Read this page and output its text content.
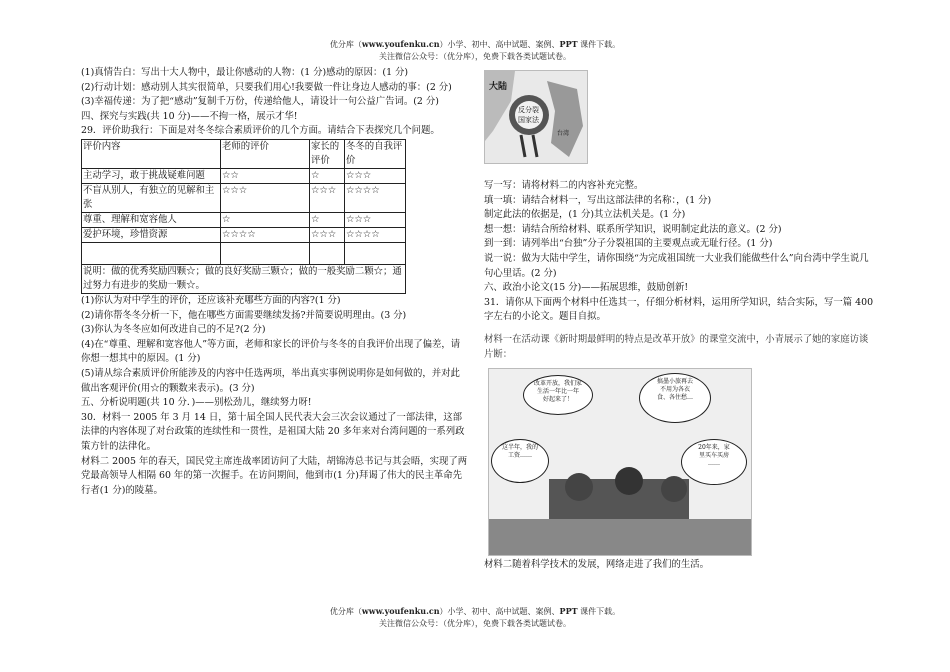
优分库（www.youfenku.cn）小学、初中、高中试题、案例、PPT 课件下载。
关注微信公众号：（优分库），免费下载各类试题试卷。

(1)真情告白：写出十大人物中，最让你感动的人物：(1 分)感动的原因：(1 分)

(2)行动计划：感动别人其实很简单，只要我们用心!我要做一件让身边人感动的事：(2 分)

(3)幸福传递：为了把“感动”复制千万份，传递给他人，请设计一句公益广告词。(2 分)

四、探究与实践(共 10 分)——不拘一格，展示才华!

29．评价助我行：下面是对冬冬综合素质评价的几个方面。请结合下表探究几个问题。

评价内容	老师的评价	家长的评价	冬冬的自我评价
主动学习，敢于挑战疑难问题	☆☆	☆	☆☆☆
不盲从别人，有独立的见解和主张	☆☆☆	☆☆☆	☆☆☆☆
尊重、理解和宽容他人	☆	☆	☆☆☆
爱护环境，珍惜资源	☆☆☆☆	☆☆☆	☆☆☆☆

说明：做的优秀奖励四颗☆；做的良好奖励三颗☆；做的一般奖励二颗☆；通过努力有进步的奖励一颗☆。			

(1)你认为对中学生的评价，还应该补充哪些方面的内容?(1 分)

(2)请你帮冬冬分析一下，他在哪些方面需要继续发扬?并简要说明理由。(3 分)

(3)你认为冬冬应如何改进自己的不足?(2 分)

(4)在“尊重、理解和宽容他人”等方面，老师和家长的评价与冬冬的自我评价出现了偏差，请你想一想其中的原因。(1 分)

(5)请从综合素质评价所能涉及的内容中任选两项，举出真实事例说明你是如何做的，并对此做出客观评价(用☆的颗数来表示)。(3 分)

五、分析说明题(共 10 分．)——别松劲儿，继续努力呀!

30．材料一 2005 年 3 月 14 日，第十届全国人民代表大会三次会议通过了一部法律，这部法律的内容体现了对台政策的连续性和一贯性，是祖国大陆 20 多年来对台湾问题的一系列政策方针的法律化。

材料二 2005 年的春天，国民党主席连战率团访问了大陆，胡锦涛总书记与其会晤，实现了两党最高领导人相隔 60 年的第一次握手。在访问期间，他到市(1 分)拜谒了伟大的民主革命先行者(1 分)的陵墓。

大陆
反分裂
国家法
台湾

写一写：请将材料二的内容补充完整。

填一填：请结合材料一，写出这部法律的名称：，(1 分)

制定此法的依据是，(1 分)其立法机关是。(1 分)

想一想：请结合所给材料、联系所学知识，说明制定此法的意义。(2 分)

到一到：请列举出“台独”分子分裂祖国的主要观点或无耻行径。(1 分)

说一说：做为大陆中学生，请你围绕“为完成祖国统一大业我们能做些什么”向台湾中学生说几句心里话。(2 分)

六、政治小论文(15 分)——拓展思维，鼓励创新!

31．请你从下面两个材料中任选其一，仔细分析材料，运用所学知识，结合实际，写一篇 400 字左右的小论文。题目自拟。

材料一在活动课《新时期最鲜明的特点是改革开放》的课堂交流中，小青展示了她的家庭访谈片断：

改革开放，我们家
生活一年比一年
好起来了！
搞墨小旅再去
不用为各衣
食、各住愁…
这半年，我的
工资……
20年来，家
里买车买房
……

材料二随着科学技术的发展，网络走进了我们的生活。

优分库（www.youfenku.cn）小学、初中、高中试题、案例、PPT 课件下载。
关注微信公众号：（优分库），免费下载各类试题试卷。
